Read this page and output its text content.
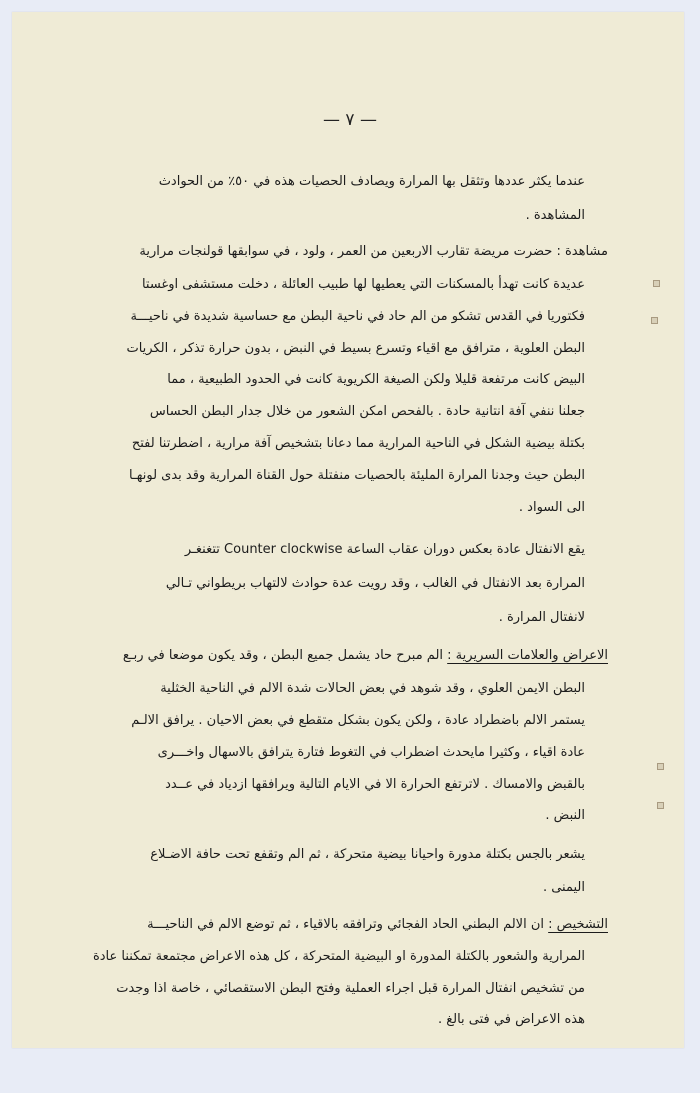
— ٧ —
عندما يكثر عددها وتثقل بها المرارة ويصادف الحصيات هذه في ٥٠٪ من الحوادث
المشاهدة .
مشاهدة : حضرت مريضة تقارب الاربعين من العمر ، ولود ، في سوابقها قولنجات مرارية
عديدة كانت تهدأ بالمسكنات التي يعطيها لها طبيب العائلة ، دخلت مستشفى اوغستا
فكتوريا في القدس تشكو من الم حاد في ناحية البطن مع حساسية شديدة في ناحيـــة
البطن العلوية ، مترافق مع اقياء وتسرع بسيط في النبض ، بدون حرارة تذكر ، الكريات
البيض كانت مرتفعة قليلا ولكن الصيغة الكريوية كانت في الحدود الطبيعية ، مما
جعلنا ننفي آفة انتانية حادة . بالفحص امكن الشعور من خلال جدار البطن الحساس
بكتلة بيضية الشكل في الناحية المرارية مما دعانا بتشخيص آفة مرارية ، اضطرتنا لفتح
البطن حيث وجدنا المرارة المليئة بالحصيات منفتلة حول القناة المرارية وقد بدى لونهـا
الى السواد .
يقع الانفتال عادة بعكس دوران عقاب الساعة Counter clockwise تتغنغـر
المرارة بعد الانفتال في الغالب ، وقد رويت عدة حوادث لالتهاب بريطواني تـالي
لانفتال المرارة .
الاعراض والعلامات السريرية : الم مبرح حاد يشمل جميع البطن ، وقد يكون موضعا في ربـع
البطن الايمن العلوي ، وقد شوهد في بعض الحالات شدة الالم في الناحية الخثلية
يستمر الالم باضطراد عادة ، ولكن يكون بشكل متقطع في بعض الاحيان . يرافق الالـم
عادة اقياء ، وكثيرا مايحدث اضطراب في التغوط فتارة يترافق بالاسهال واخـــرى
بالقبض والامساك . لاترتفع الحرارة الا في الايام التالية ويرافقها ازدياد في عــدد
النبض .
يشعر بالجس بكتلة مدورة واحيانا بيضية متحركة ، ثم الم وتقفع تحت حافة الاضـلاع
اليمنى .
التشخيص : ان الالم البطني الحاد الفجائي وترافقه بالاقياء ، ثم توضع الالم في الناحيـــة
المرارية والشعور بالكتلة المدورة او البيضية المتحركة ، كل هذه الاعراض مجتمعة تمكننا عادة
من تشخيص انفتال المرارة قبل اجراء العملية وفتح البطن الاستقصائي ، خاصة اذا وجدت
هذه الاعراض في فتى بالغ .
